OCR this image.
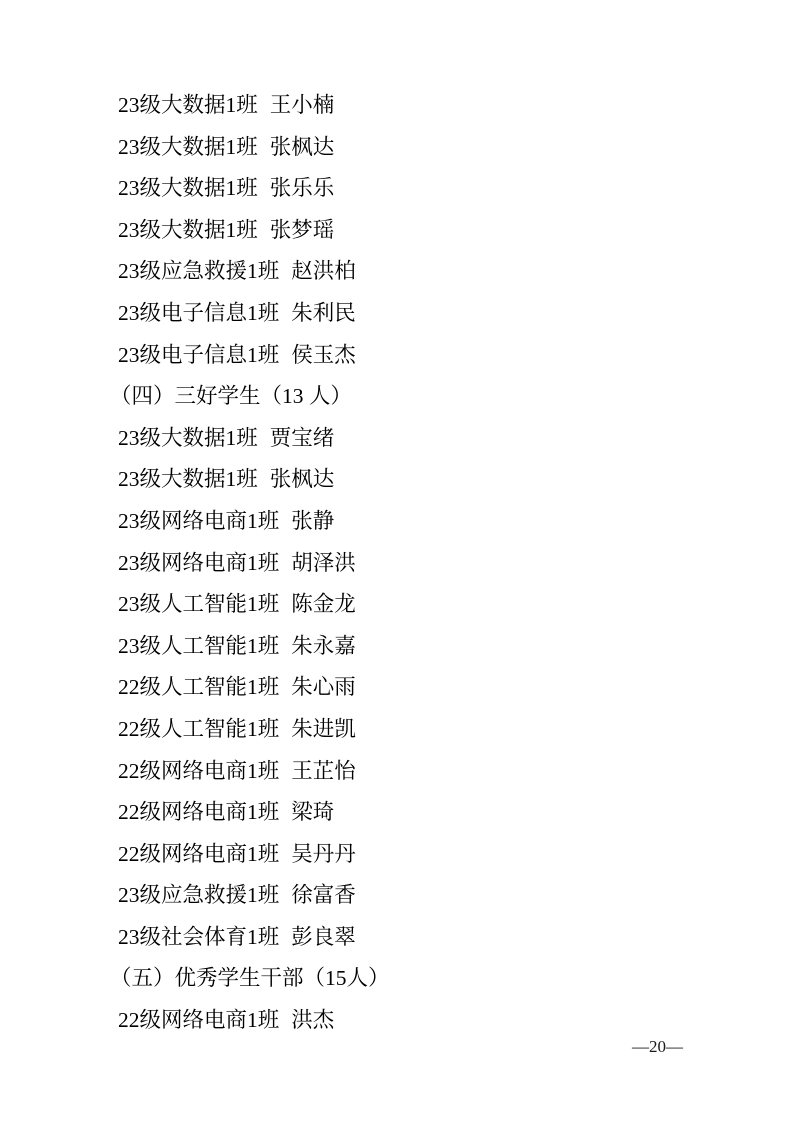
23级大数据1班 王小楠
23级大数据1班 张枫达
23级大数据1班 张乐乐
23级大数据1班 张梦瑶
23级应急救援1班 赵洪柏
23级电子信息1班 朱利民
23级电子信息1班 侯玉杰
（四）三好学生（13 人）
23级大数据1班 贾宝绪
23级大数据1班 张枫达
23级网络电商1班 张静
23级网络电商1班 胡泽洪
23级人工智能1班 陈金龙
23级人工智能1班 朱永嘉
22级人工智能1班 朱心雨
22级人工智能1班 朱进凯
22级网络电商1班 王芷怡
22级网络电商1班 梁琦
22级网络电商1班 吴丹丹
23级应急救援1班 徐富香
23级社会体育1班 彭良翠
（五）优秀学生干部（15人）
22级网络电商1班 洪杰
—20—
